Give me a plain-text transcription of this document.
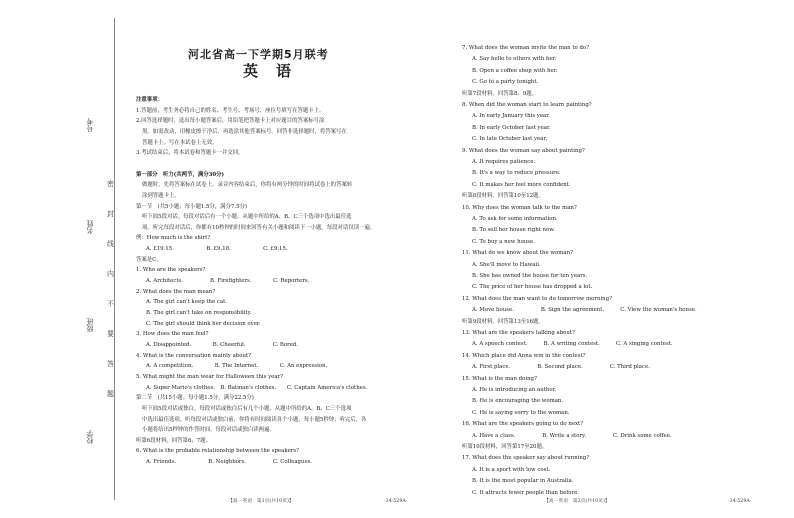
号考
名姓
级班
校学
密
封
线
内
不
要
答
题
河北省高一下学期5月联考
英语
注意事项：
1.答题前，考生务必将自己的姓名、考生号、考场号、座位号填写在答题卡上。
2.回答选择题时，选出每小题答案后，用铅笔把答题卡上对应题目的答案标号涂
黑。如需改动，用橡皮擦干净后，再选涂其他答案标号。回答非选择题时，将答案写在
答题卡上。写在本试卷上无效。
3.考试结束后，将本试卷和答题卡一并交回。
第一部分　听力(共两节，满分30分)
做题时，先将答案标在试卷上。录音内容结束后，你将有两分钟的时间将试卷上的答案转
涂到答题卡上。
第一节　(共5小题；每小题1.5分，满分7.5分)
听下面5段对话。每段对话后有一个小题，从题中所给的A、B、C三个选项中选出最佳选
项。听完每段对话后，你都有10秒钟的时间来回答有关小题和阅读下一小题。每段对话仅读一遍。
例：How much is the shirt?
A. £19.15.　　　　　　B. £9.18.　　　　　　C. £9.15.
答案是C。
1. Who are the speakers?
A. Architects.　　　　　B. Firefighters.　　　　C. Reporters.
2. What does the man mean?
A. The girl can't keep the cat.
B. The girl can't take on responsibility.
C. The girl should think her decision over.
3. How does the man feel?
A. Disappointed.　　　　B. Cheerful.　　　　　C. Bored.
4. What is the conversation mainly about?
A. A competition.　　　　B. The Internet.　　　　C. An expression.
5. What might the man wear for Halloween this year?
A. Super Mario's clothes.　B. Batman's clothes.　　C. Captain America's clothes.
第二节　(共15小题；每小题1.5分，满分22.5分)
听下面5段对话或独白。每段对话或独白后有几个小题，从题中所给的A、B、C三个选项
中选出最佳选项。听每段对话或独白前，你将有时间阅读各个小题，每小题5秒钟；听完后，各
小题将给出5秒钟的作答时间。每段对话或独白读两遍。
听第6段材料，回答第6、7题。
6. What is the probable relationship between the speakers?
A. Friends.　　　　　　B. Neighbors.　　　　　C. Colleagues.
【高一英语　第1页(共10页)】	·24-529A·
7. What does the woman invite the man to do?
A. Say hello to others with her.
B. Open a coffee shop with her.
C. Go to a party tonight.
听第7段材料，回答第8、9题。
8. When did the woman start to learn painting?
A. In early January this year.
B. In early October last year.
C. In late October last year.
9. What does the woman say about painting?
A. It requires patience.
B. It's a way to reduce pressure.
C. It makes her feel more confident.
听第8段材料，回答第10至12题。
10. Why does the woman talk to the man?
A. To ask for some information.
B. To sell her house right now.
C. To buy a new house.
11. What do we know about the woman?
A. She'll move to Hawaii.
B. She has owned the house for ten years.
C. The price of her house has dropped a lot.
12. What does the man want to do tomorrow morning?
A. Move house.　　　　　B. Sign the agreement.　　　C. View the woman's house.
听第9段材料，回答第13至16题。
13. What are the speakers talking about?
A. A speech contest.　　　B. A writing contest.　　　C. A singing contest.
14. Which place did Anna win in the contest?
A. First place.　　　　　B. Second place.　　　　　C. Third place.
15. What is the man doing?
A. He is introducing an author.
B. He is encouraging the woman.
C. He is saying sorry to the woman.
16. What are the speakers going to do next?
A. Have a class.　　　　　B. Write a story.　　　　　C. Drink some coffee.
听第10段材料，回答第17至20题。
17. What does the speaker say about running?
A. It is a sport with low cost.
B. It is the most popular in Australia.
C. It attracts fewer people than before.
【高一英语　第2页(共10页)】	·24-529A·
